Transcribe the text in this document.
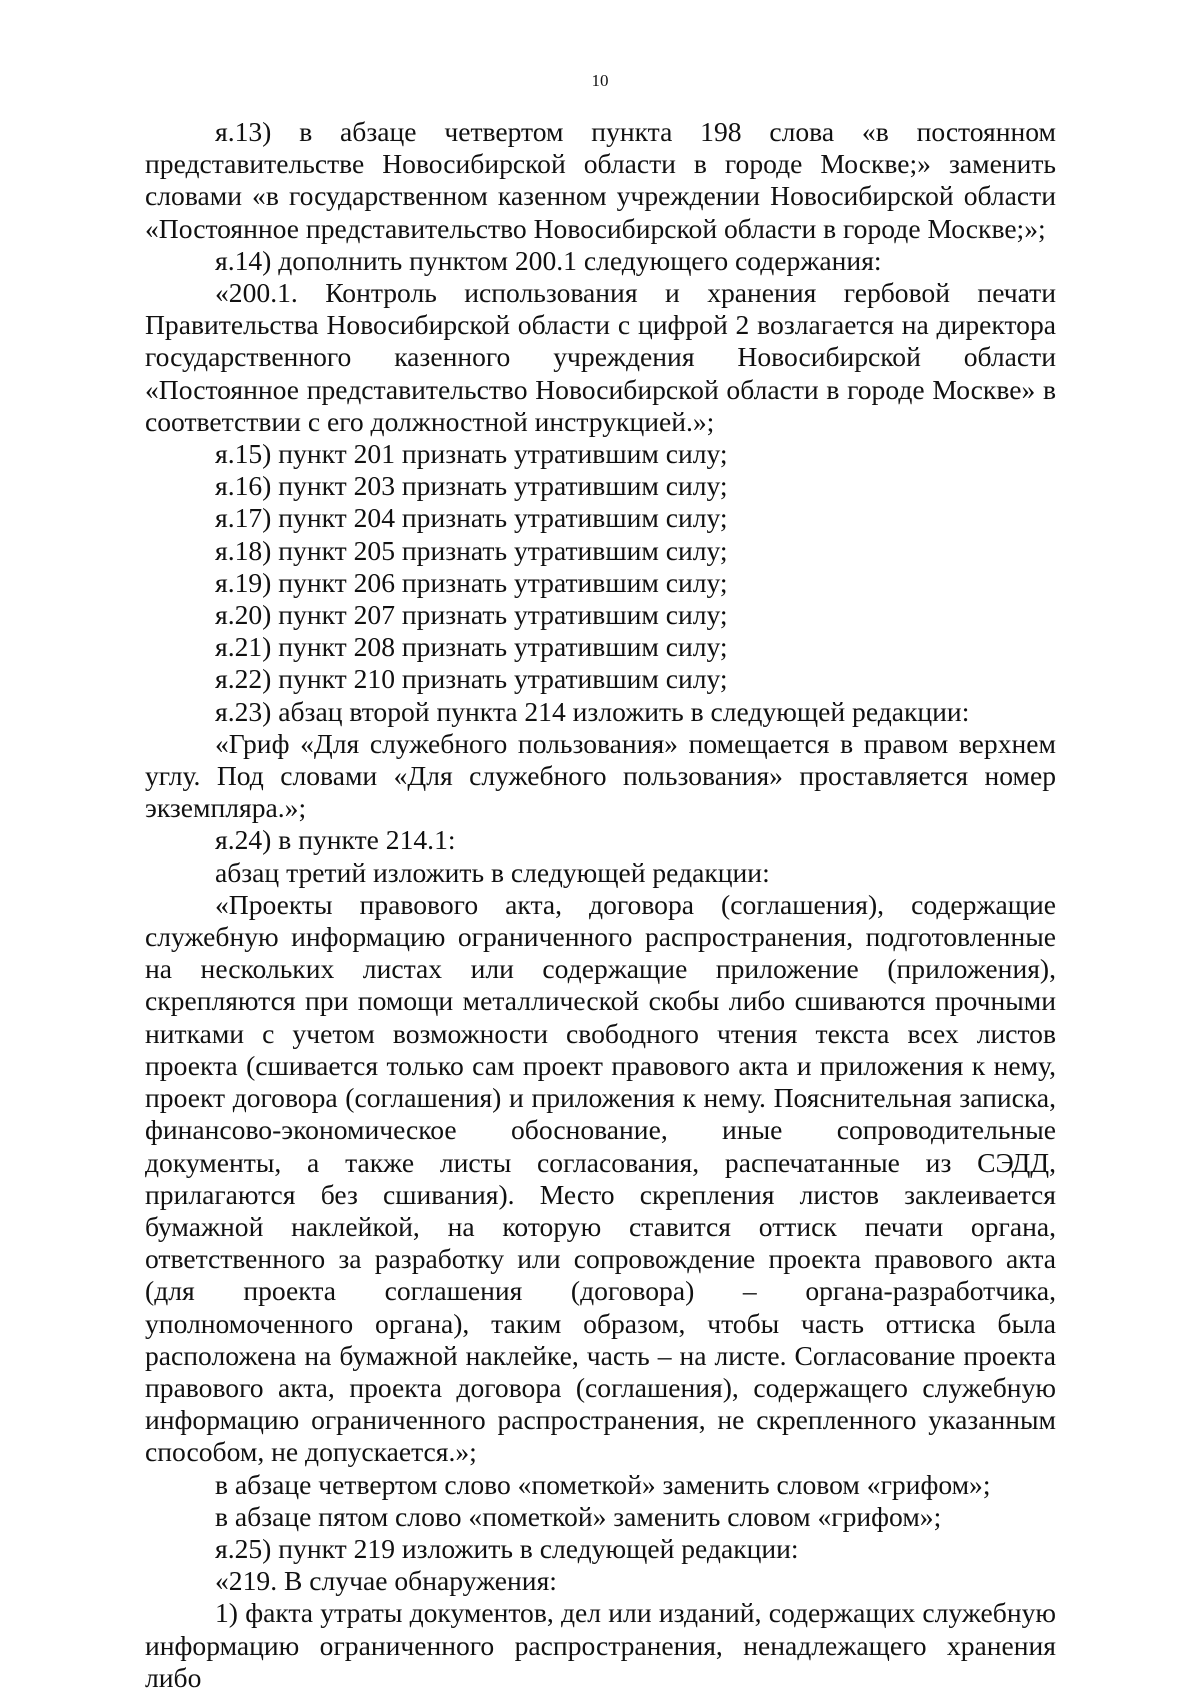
10

я.13) в абзаце четвертом пункта 198 слова «в постоянном представительстве Новосибирской области в городе Москве;» заменить словами «в государственном казенном учреждении Новосибирской области «Постоянное представительство Новосибирской области в городе Москве;»;

я.14) дополнить пунктом 200.1 следующего содержания:

«200.1. Контроль использования и хранения гербовой печати Правительства Новосибирской области с цифрой 2 возлагается на директора государственного казенного учреждения Новосибирской области «Постоянное представительство Новосибирской области в городе Москве» в соответствии с его должностной инструкцией.»;

я.15) пункт 201 признать утратившим силу;

я.16) пункт 203 признать утратившим силу;

я.17) пункт 204 признать утратившим силу;

я.18) пункт 205 признать утратившим силу;

я.19) пункт 206 признать утратившим силу;

я.20) пункт 207 признать утратившим силу;

я.21) пункт 208 признать утратившим силу;

я.22) пункт 210 признать утратившим силу;

я.23) абзац второй пункта 214 изложить в следующей редакции:

«Гриф «Для служебного пользования» помещается в правом верхнем углу. Под словами «Для служебного пользования» проставляется номер экземпляра.»;

я.24) в пункте 214.1:

абзац третий изложить в следующей редакции:

«Проекты правового акта, договора (соглашения), содержащие служебную информацию ограниченного распространения, подготовленные на нескольких листах или содержащие приложение (приложения), скрепляются при помощи металлической скобы либо сшиваются прочными нитками с учетом возможности свободного чтения текста всех листов проекта (сшивается только сам проект правового акта и приложения к нему, проект договора (соглашения) и приложения к нему. Пояснительная записка, финансово-экономическое обоснование, иные сопроводительные документы, а также листы согласования, распечатанные из СЭДД, прилагаются без сшивания). Место скрепления листов заклеивается бумажной наклейкой, на которую ставится оттиск печати органа, ответственного за разработку или сопровождение проекта правового акта (для проекта соглашения (договора) – органа-разработчика, уполномоченного органа), таким образом, чтобы часть оттиска была расположена на бумажной наклейке, часть – на листе. Согласование проекта правового акта, проекта договора (соглашения), содержащего служебную информацию ограниченного распространения, не скрепленного указанным способом, не допускается.»;

в абзаце четвертом слово «пометкой» заменить словом «грифом»;

в абзаце пятом слово «пометкой» заменить словом «грифом»;

я.25) пункт 219 изложить в следующей редакции:

«219. В случае обнаружения:

1) факта утраты документов, дел или изданий, содержащих служебную информацию ограниченного распространения, ненадлежащего хранения либо
